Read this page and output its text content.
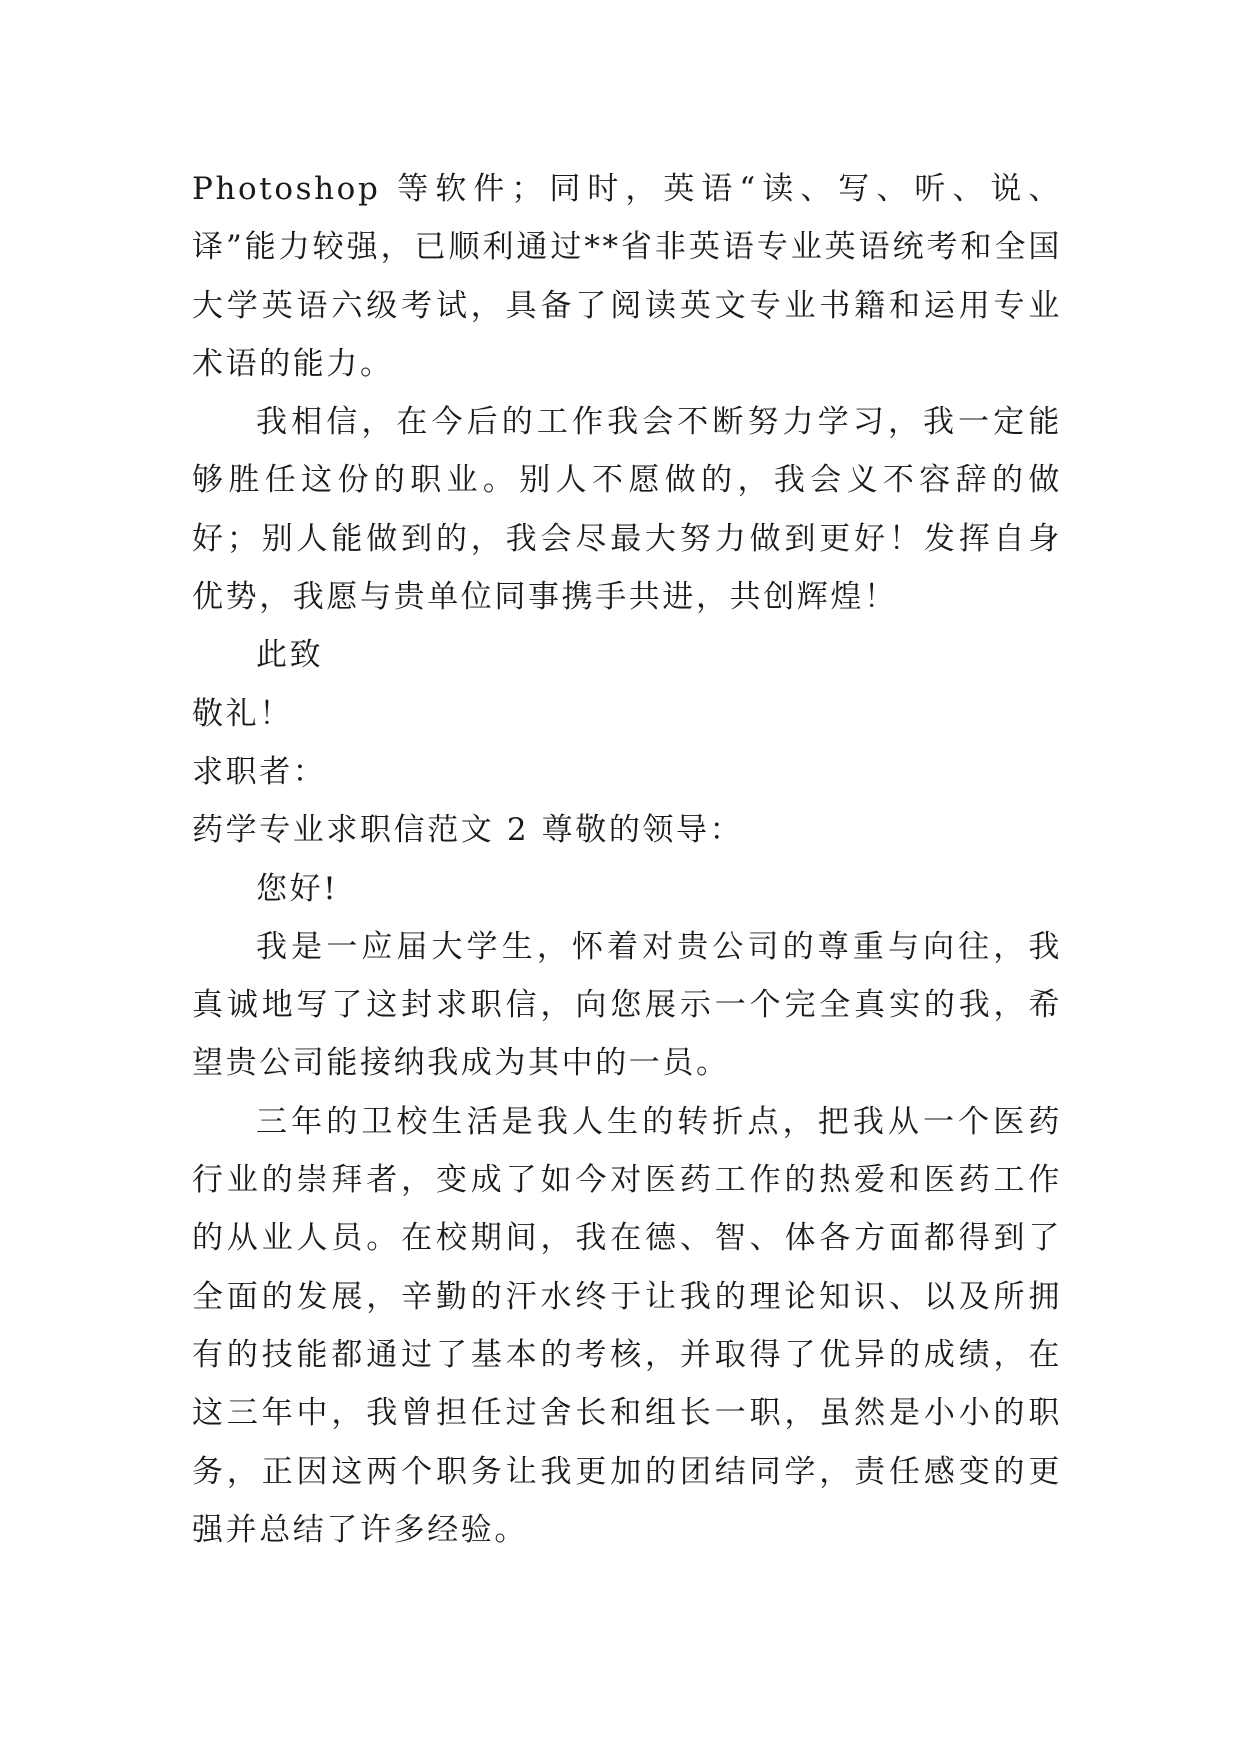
Photoshop 等软件；同时，英语“读、写、听、说、译”能力较强，已顺利通过**省非英语专业英语统考和全国大学英语六级考试，具备了阅读英文专业书籍和运用专业术语的能力。

我相信，在今后的工作我会不断努力学习，我一定能够胜任这份的职业。别人不愿做的，我会义不容辞的做好；别人能做到的，我会尽最大努力做到更好！发挥自身优势，我愿与贵单位同事携手共进，共创辉煌！

此致

敬礼！

求职者：

药学专业求职信范文 2 尊敬的领导：

您好!

我是一应届大学生，怀着对贵公司的尊重与向往，我真诚地写了这封求职信，向您展示一个完全真实的我，希望贵公司能接纳我成为其中的一员。

三年的卫校生活是我人生的转折点，把我从一个医药行业的崇拜者，变成了如今对医药工作的热爱和医药工作的从业人员。在校期间，我在德、智、体各方面都得到了全面的发展，辛勤的汗水终于让我的理论知识、以及所拥有的技能都通过了基本的考核，并取得了优异的成绩，在这三年中，我曾担任过舍长和组长一职，虽然是小小的职务，正因这两个职务让我更加的团结同学，责任感变的更强并总结了许多经验。
